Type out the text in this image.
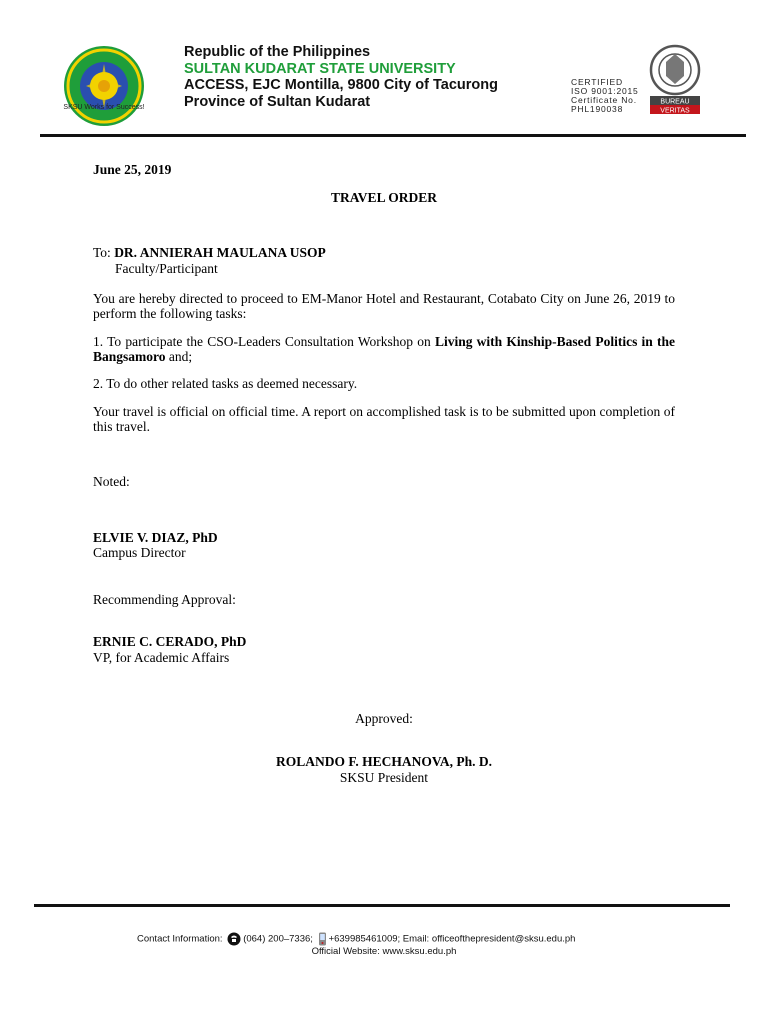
SKSU Works for Success!
Republic of the Philippines
SULTAN KUDARAT STATE UNIVERSITY
ACCESS, EJC Montilla, 9800 City of Tacurong
Province of Sultan Kudarat
CERTIFIED
ISO 9001:2015
Certificate No.
PHL190038
BUREAU
VERITAS
June 25, 2019
TRAVEL ORDER
To: DR. ANNIERAH MAULANA USOP
Faculty/Participant
You are hereby directed to proceed to EM-Manor Hotel and Restaurant, Cotabato City on June 26, 2019 to perform the following tasks:
1. To participate the CSO-Leaders Consultation Workshop on Living with Kinship-Based Politics in the Bangsamoro and;
2. To do other related tasks as deemed necessary.
Your travel is official on official time. A report on accomplished task is to be submitted upon completion of this travel.
Noted:
ELVIE V. DIAZ, PhD
Campus Director
Recommending Approval:
ERNIE C. CERADO, PhD
VP, for Academic Affairs
Approved:
ROLANDO F. HECHANOVA, Ph. D.
SKSU President
Contact Information: (064) 200–7336; +639985461009; Email: officeofthepresident@sksu.edu.ph
Official Website: www.sksu.edu.ph
